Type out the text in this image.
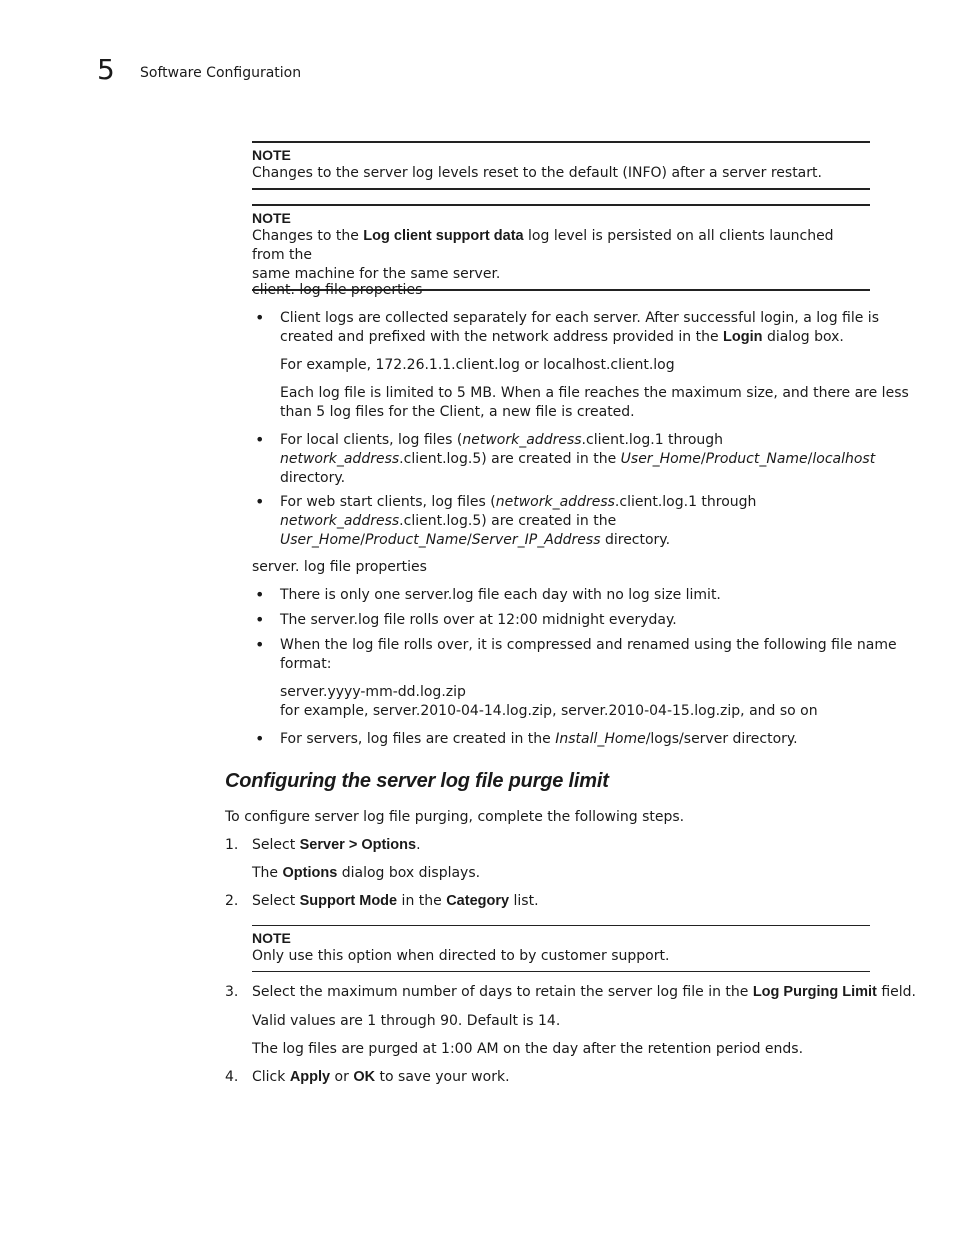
5 Software Configuration
NOTE
Changes to the server log levels reset to the default (INFO) after a server restart.
NOTE
Changes to the Log client support data log level is persisted on all clients launched from the
same machine for the same server.
client. log file properties
• Client logs are collected separately for each server. After successful login, a log file is
created and prefixed with the network address provided in the Login dialog box.
For example, 172.26.1.1.client.log or localhost.client.log
Each log file is limited to 5 MB. When a file reaches the maximum size, and there are less
than 5 log files for the Client, a new file is created.
• For local clients, log files (network_address.client.log.1 through
network_address.client.log.5) are created in the User_Home/Product_Name/localhost
directory.
• For web start clients, log files (network_address.client.log.1 through
network_address.client.log.5) are created in the
User_Home/Product_Name/Server_IP_Address directory.
server. log file properties
• There is only one server.log file each day with no log size limit.
• The server.log file rolls over at 12:00 midnight everyday.
• When the log file rolls over, it is compressed and renamed using the following file name
format:
server.yyyy-mm-dd.log.zip
for example, server.2010-04-14.log.zip, server.2010-04-15.log.zip, and so on
• For servers, log files are created in the Install_Home/logs/server directory.
Configuring the server log file purge limit
To configure server log file purging, complete the following steps.
1. Select Server > Options.
The Options dialog box displays.
2. Select Support Mode in the Category list.
NOTE
Only use this option when directed to by customer support.
3. Select the maximum number of days to retain the server log file in the Log Purging Limit field.
Valid values are 1 through 90. Default is 14.
The log files are purged at 1:00 AM on the day after the retention period ends.
4. Click Apply or OK to save your work.
